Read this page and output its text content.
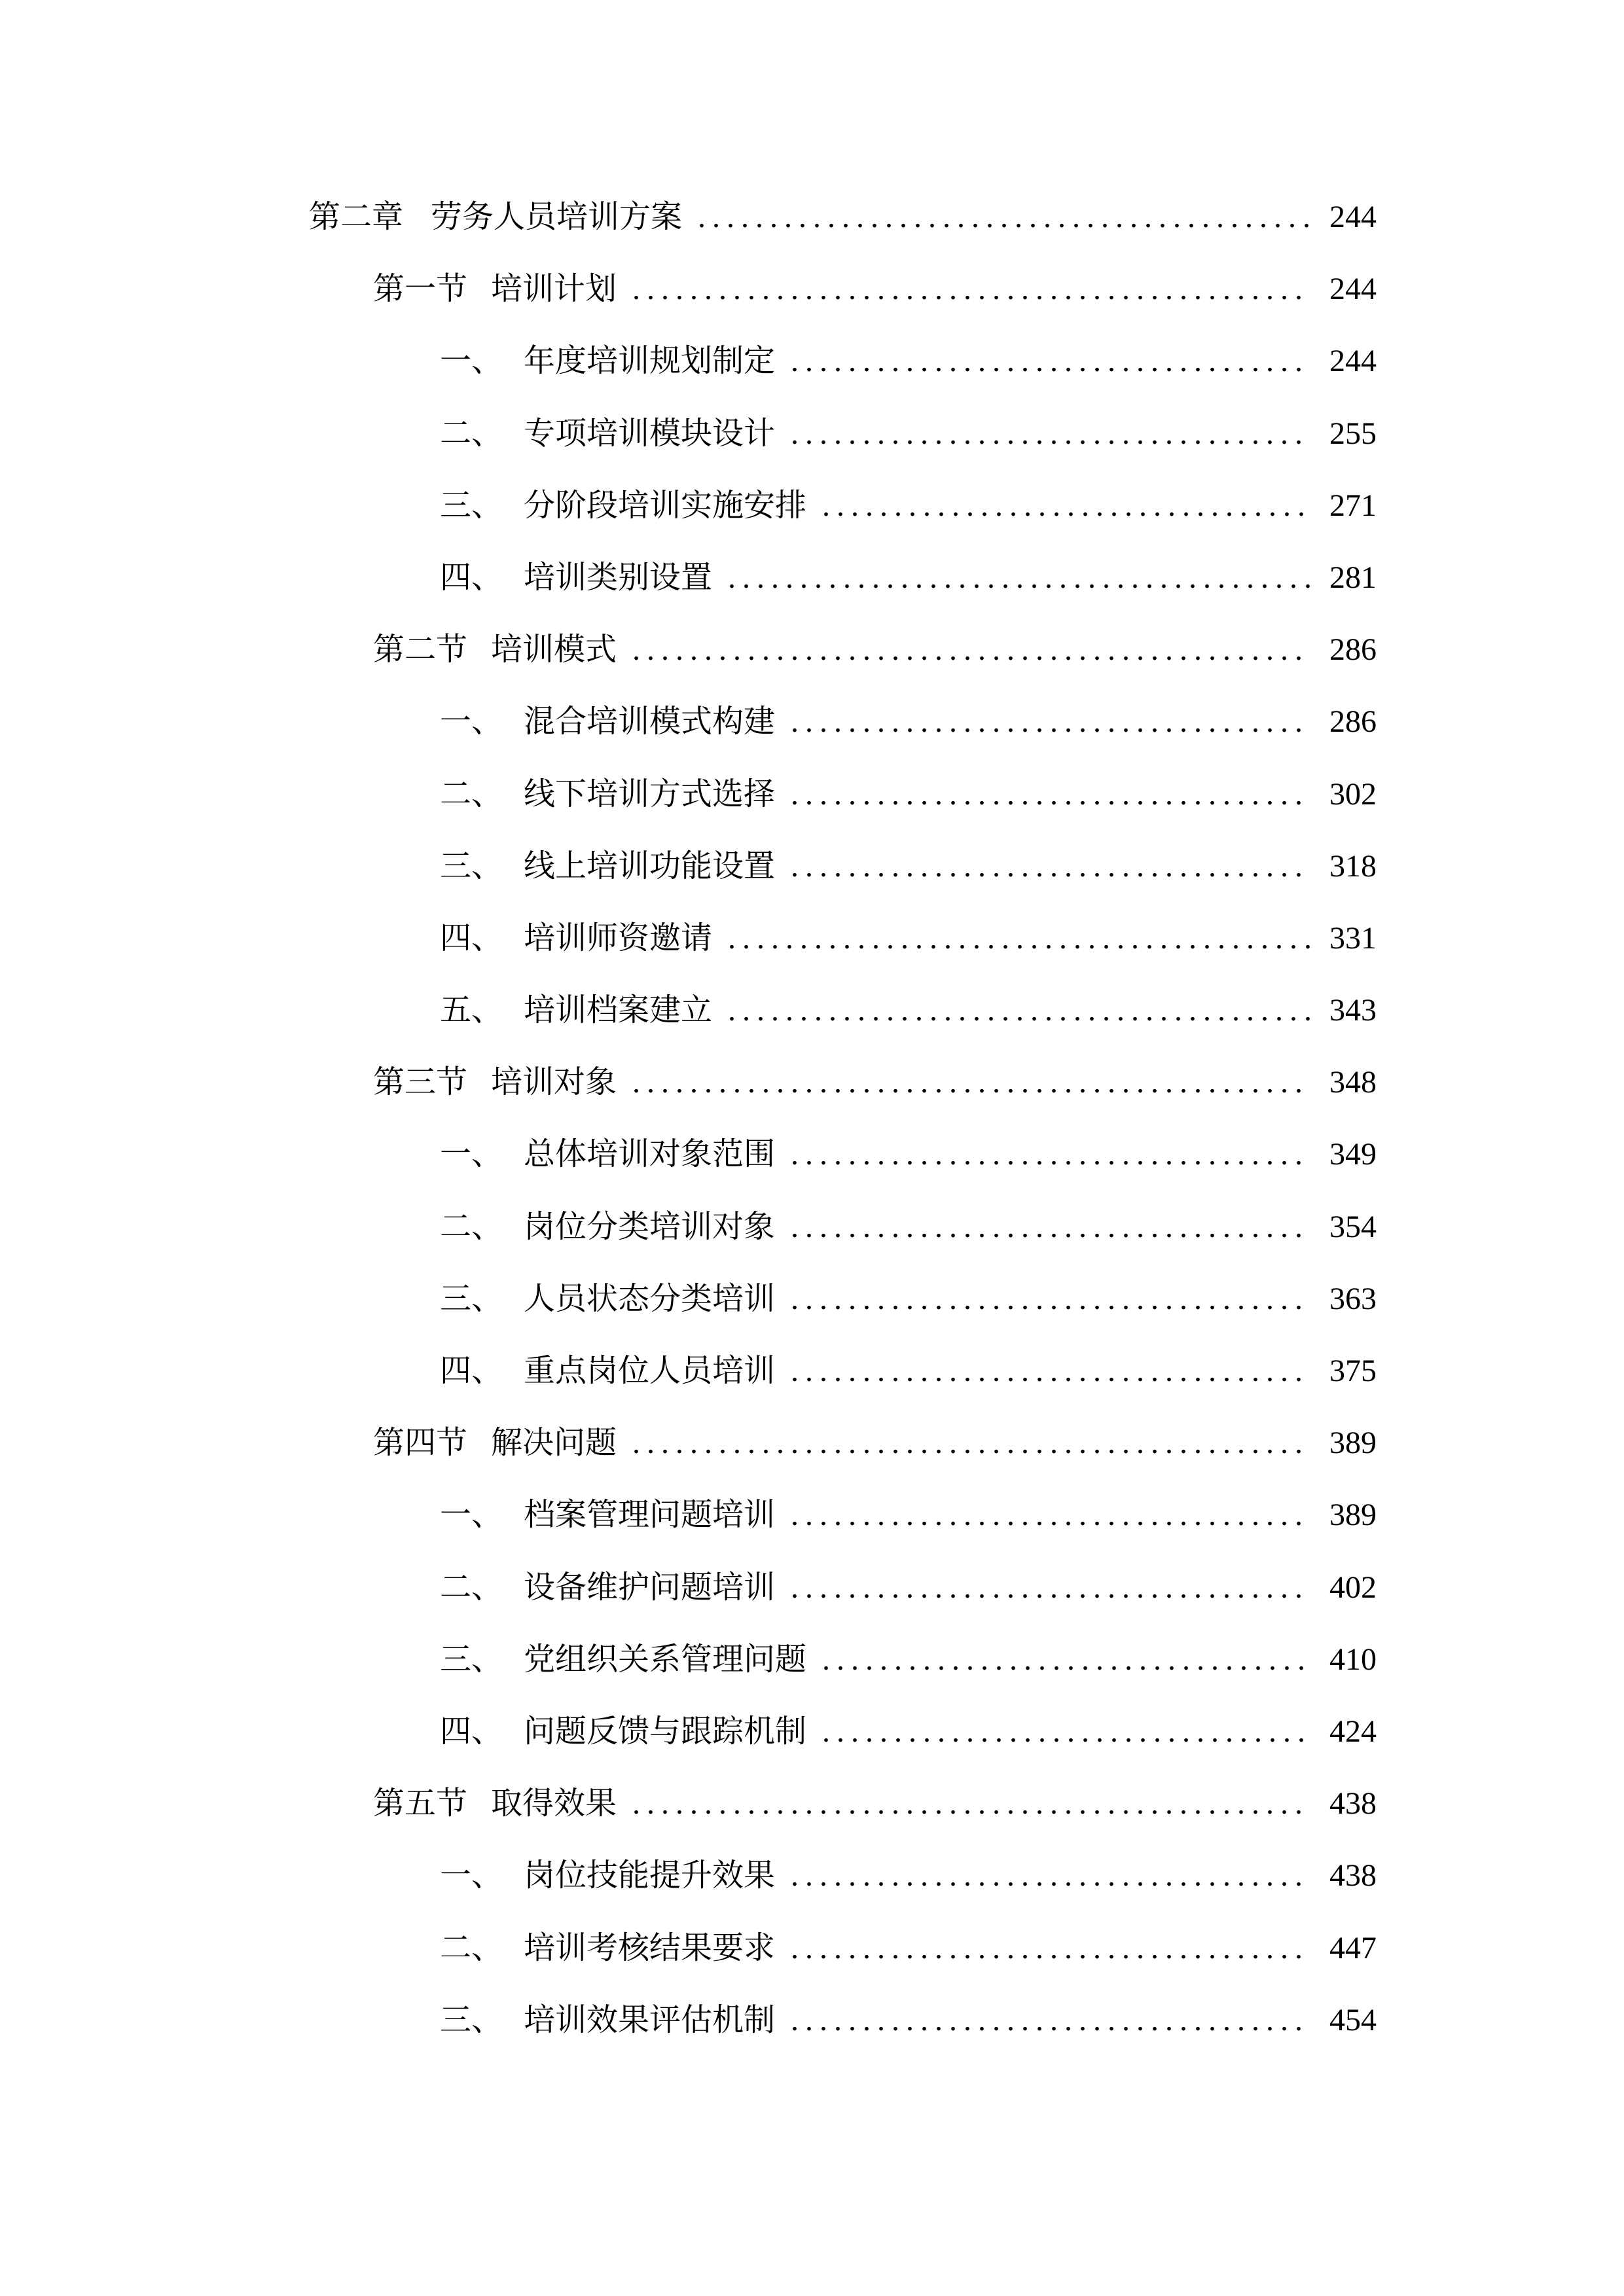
第二章 劳务人员培训方案 .....	244
第一节 培训计划 .....	244
一、 年度培训规划制定 .....	244
二、 专项培训模块设计 .....	255
三、 分阶段培训实施安排 .....	271
四、 培训类别设置 .....	281
第二节 培训模式 .....	286
一、 混合培训模式构建 .....	286
二、 线下培训方式选择 .....	302
三、 线上培训功能设置 .....	318
四、 培训师资邀请 .....	331
五、 培训档案建立 .....	343
第三节 培训对象 .....	348
一、 总体培训对象范围 .....	349
二、 岗位分类培训对象 .....	354
三、 人员状态分类培训 .....	363
四、 重点岗位人员培训 .....	375
第四节 解决问题 .....	389
一、 档案管理问题培训 .....	389
二、 设备维护问题培训 .....	402
三、 党组织关系管理问题 .....	410
四、 问题反馈与跟踪机制 .....	424
第五节 取得效果 .....	438
一、 岗位技能提升效果 .....	438
二、 培训考核结果要求 .....	447
三、 培训效果评估机制 .....	454
